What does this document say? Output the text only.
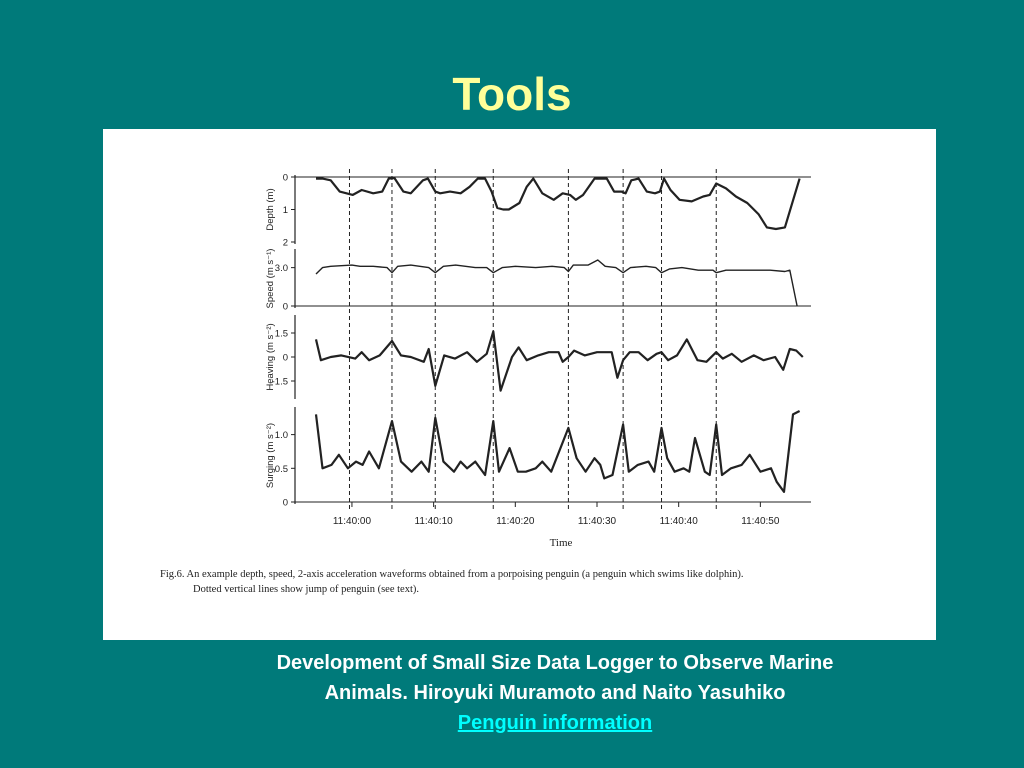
Tools
0
1
2
Depth (m)
0
3.0
Speed (m s⁻¹)
1.5
0
-1.5
Heaving (m s⁻²)
0
0.5
1.0
Surging (m s⁻²)
11:40:00	11:40:10	11:40:20	11:40:30	11:40:40	11:40:50
Time
Fig.6. An example depth, speed, 2-axis acceleration waveforms obtained from a porpoising penguin (a penguin which swims like dolphin).
Dotted vertical lines show jump of penguin (see text).
Development of Small Size Data Logger to Observe Marine
Animals. Hiroyuki Muramoto and Naito Yasuhiko
Penguin information
